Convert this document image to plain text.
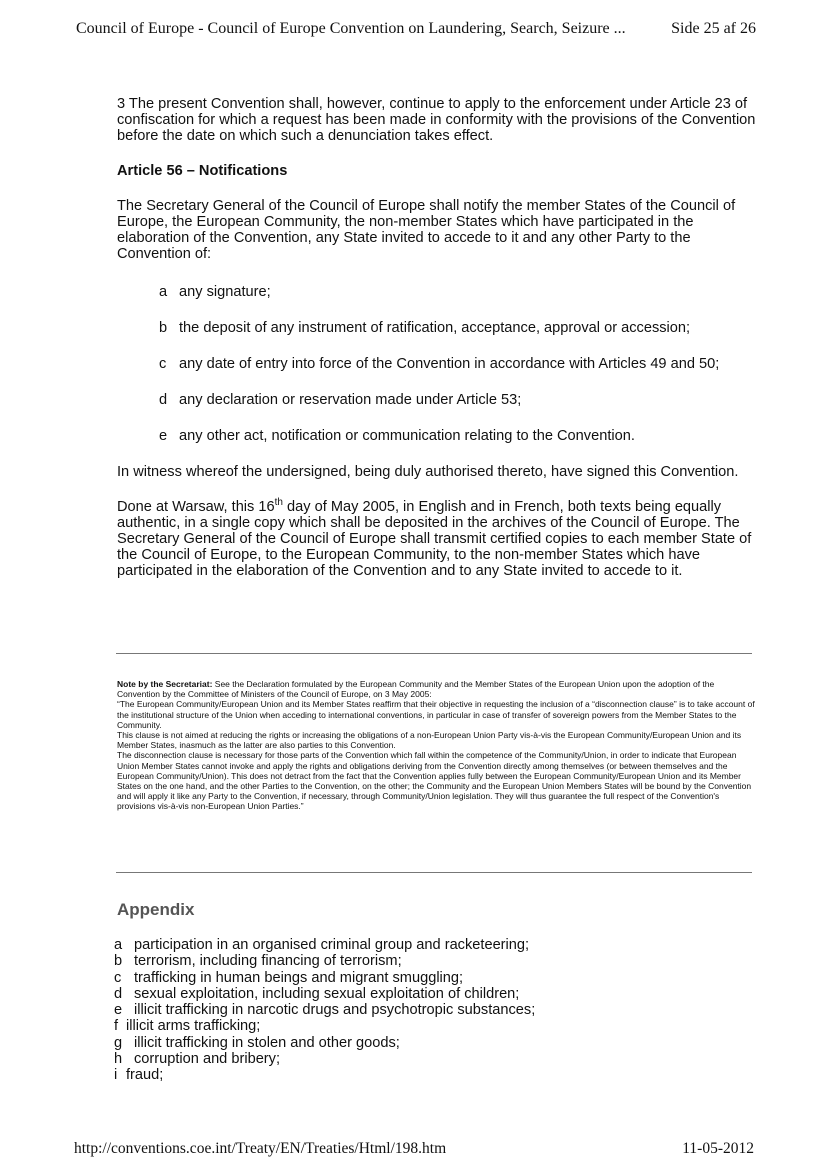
Council of Europe - Council of Europe Convention on Laundering, Search, Seizure ...	Side 25 af 26

3 The present Convention shall, however, continue to apply to the enforcement under Article 23 of confiscation for which a request has been made in conformity with the provisions of the Convention before the date on which such a denunciation takes effect.

Article 56 – Notifications

The Secretary General of the Council of Europe shall notify the member States of the Council of Europe, the European Community, the non-member States which have participated in the elaboration of the Convention, any State invited to accede to it and any other Party to the Convention of:

a any signature;
b the deposit of any instrument of ratification, acceptance, approval or accession;
c any date of entry into force of the Convention in accordance with Articles 49 and 50;
d any declaration or reservation made under Article 53;
e any other act, notification or communication relating to the Convention.

In witness whereof the undersigned, being duly authorised thereto, have signed this Convention.

Done at Warsaw, this 16th day of May 2005, in English and in French, both texts being equally authentic, in a single copy which shall be deposited in the archives of the Council of Europe. The Secretary General of the Council of Europe shall transmit certified copies to each member State of the Council of Europe, to the European Community, to the non-member States which have participated in the elaboration of the Convention and to any State invited to accede to it.

Note by the Secretariat: See the Declaration formulated by the European Community and the Member States of the European Union upon the adoption of the Convention by the Committee of Ministers of the Council of Europe, on 3 May 2005:
“The European Community/European Union and its Member States reaffirm that their objective in requesting the inclusion of a “disconnection clause” is to take account of the institutional structure of the Union when acceding to international conventions, in particular in case of transfer of sovereign powers from the Member States to the Community.
This clause is not aimed at reducing the rights or increasing the obligations of a non-European Union Party vis-à-vis the European Community/European Union and its Member States, inasmuch as the latter are also parties to this Convention.
The disconnection clause is necessary for those parts of the Convention which fall within the competence of the Community/Union, in order to indicate that European Union Member States cannot invoke and apply the rights and obligations deriving from the Convention directly among themselves (or between themselves and the European Community/Union). This does not detract from the fact that the Convention applies fully between the European Community/European Union and its Member States on the one hand, and the other Parties to the Convention, on the other; the Community and the European Union Members States will be bound by the Convention and will apply it like any Party to the Convention, if necessary, through Community/Union legislation. They will thus guarantee the full respect of the Convention's provisions vis-à-vis non-European Union Parties.”
Appendix
a participation in an organised criminal group and racketeering;
b terrorism, including financing of terrorism;
c trafficking in human beings and migrant smuggling;
d sexual exploitation, including sexual exploitation of children;
e illicit trafficking in narcotic drugs and psychotropic substances;
f illicit arms trafficking;
g illicit trafficking in stolen and other goods;
h corruption and bribery;
i fraud;
http://conventions.coe.int/Treaty/EN/Treaties/Html/198.htm	11-05-2012
